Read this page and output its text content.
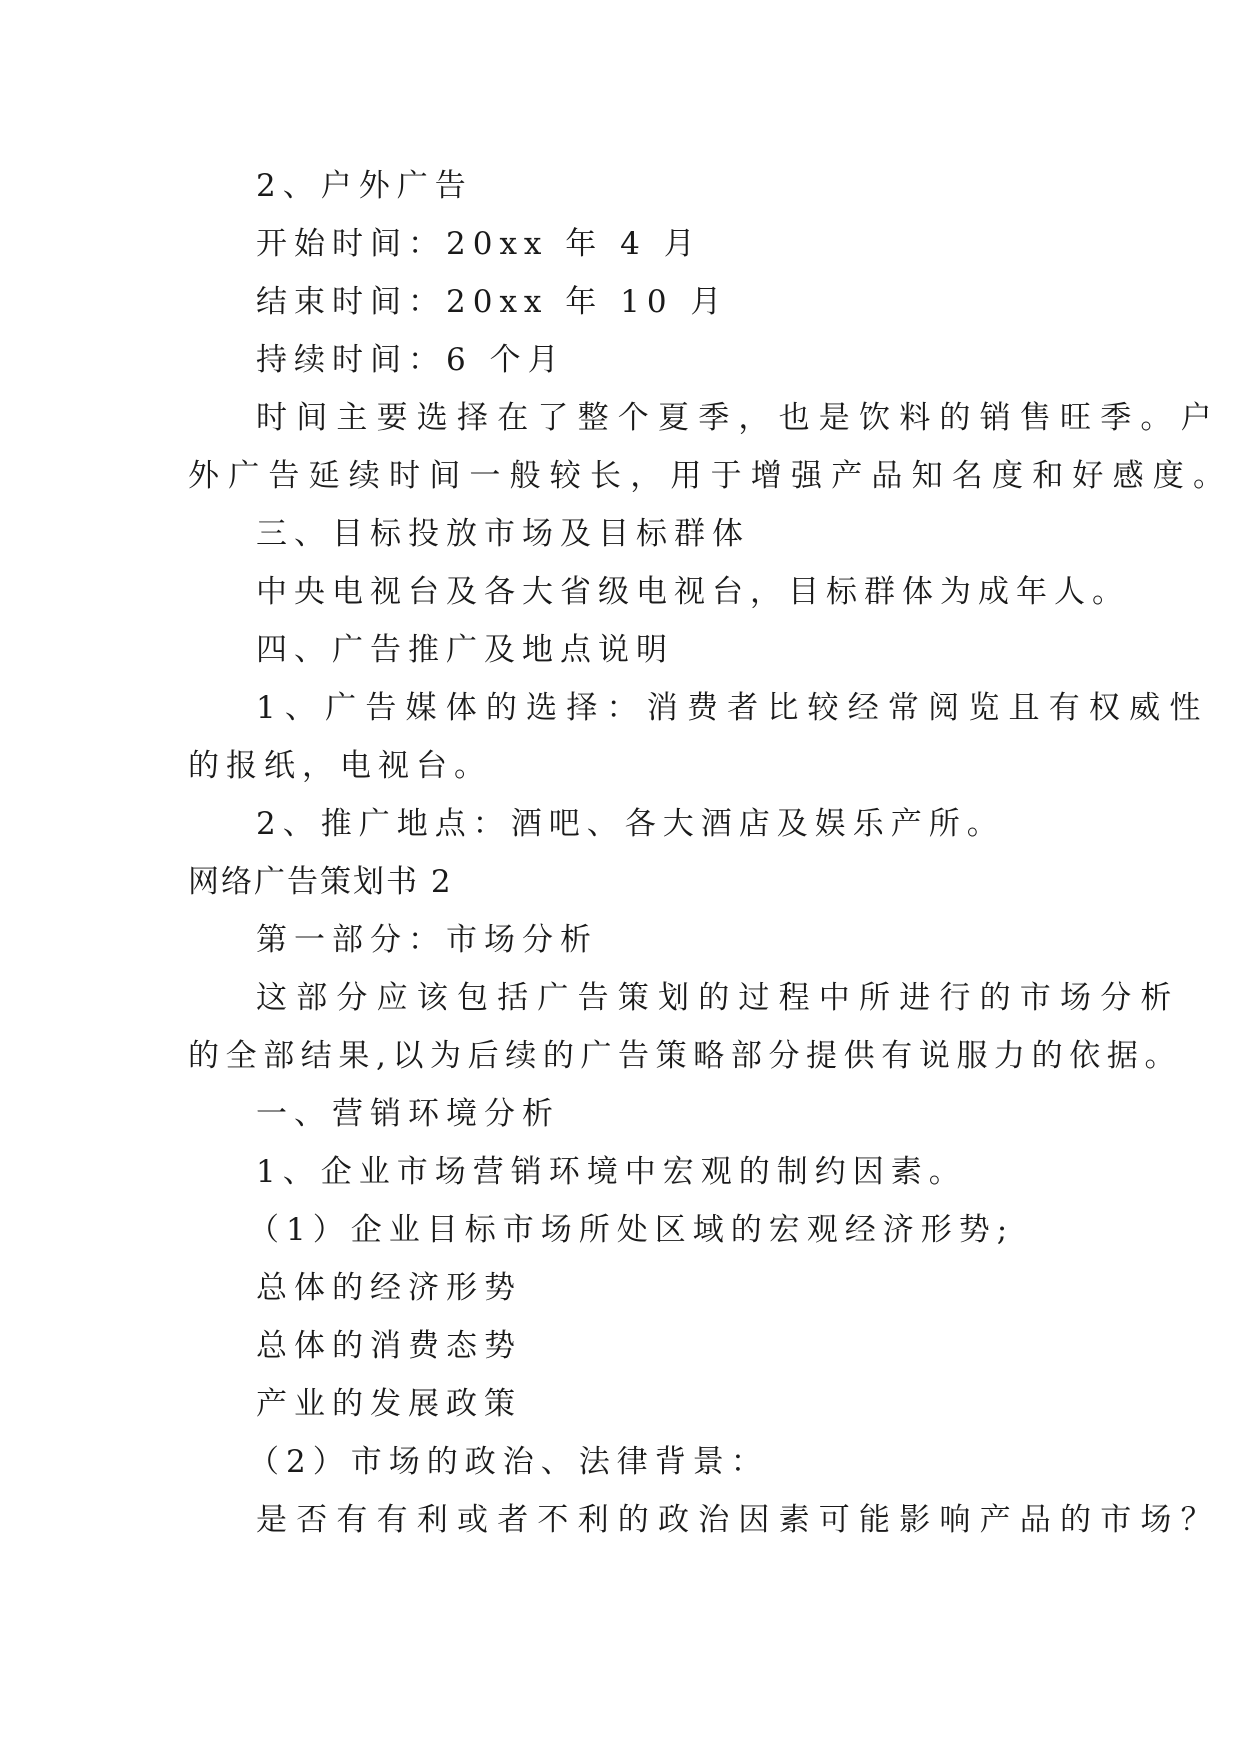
2、户外广告
开始时间：20xx 年 4 月
结束时间：20xx 年 10 月
持续时间：6 个月
时间主要选择在了整个夏季，也是饮料的销售旺季。户
外广告延续时间一般较长，用于增强产品知名度和好感度。
三、目标投放市场及目标群体
中央电视台及各大省级电视台，目标群体为成年人。
四、广告推广及地点说明
1、广告媒体的选择：消费者比较经常阅览且有权威性
的报纸，电视台。
2、推广地点：酒吧、各大酒店及娱乐产所。
网络广告策划书 2
第一部分：市场分析
这部分应该包括广告策划的过程中所进行的市场分析
的全部结果,以为后续的广告策略部分提供有说服力的依据。
一、营销环境分析
1、企业市场营销环境中宏观的制约因素。
（1）企业目标市场所处区域的宏观经济形势;
总体的经济形势
总体的消费态势
产业的发展政策
（2）市场的政治、法律背景：
是否有有利或者不利的政治因素可能影响产品的市场？
